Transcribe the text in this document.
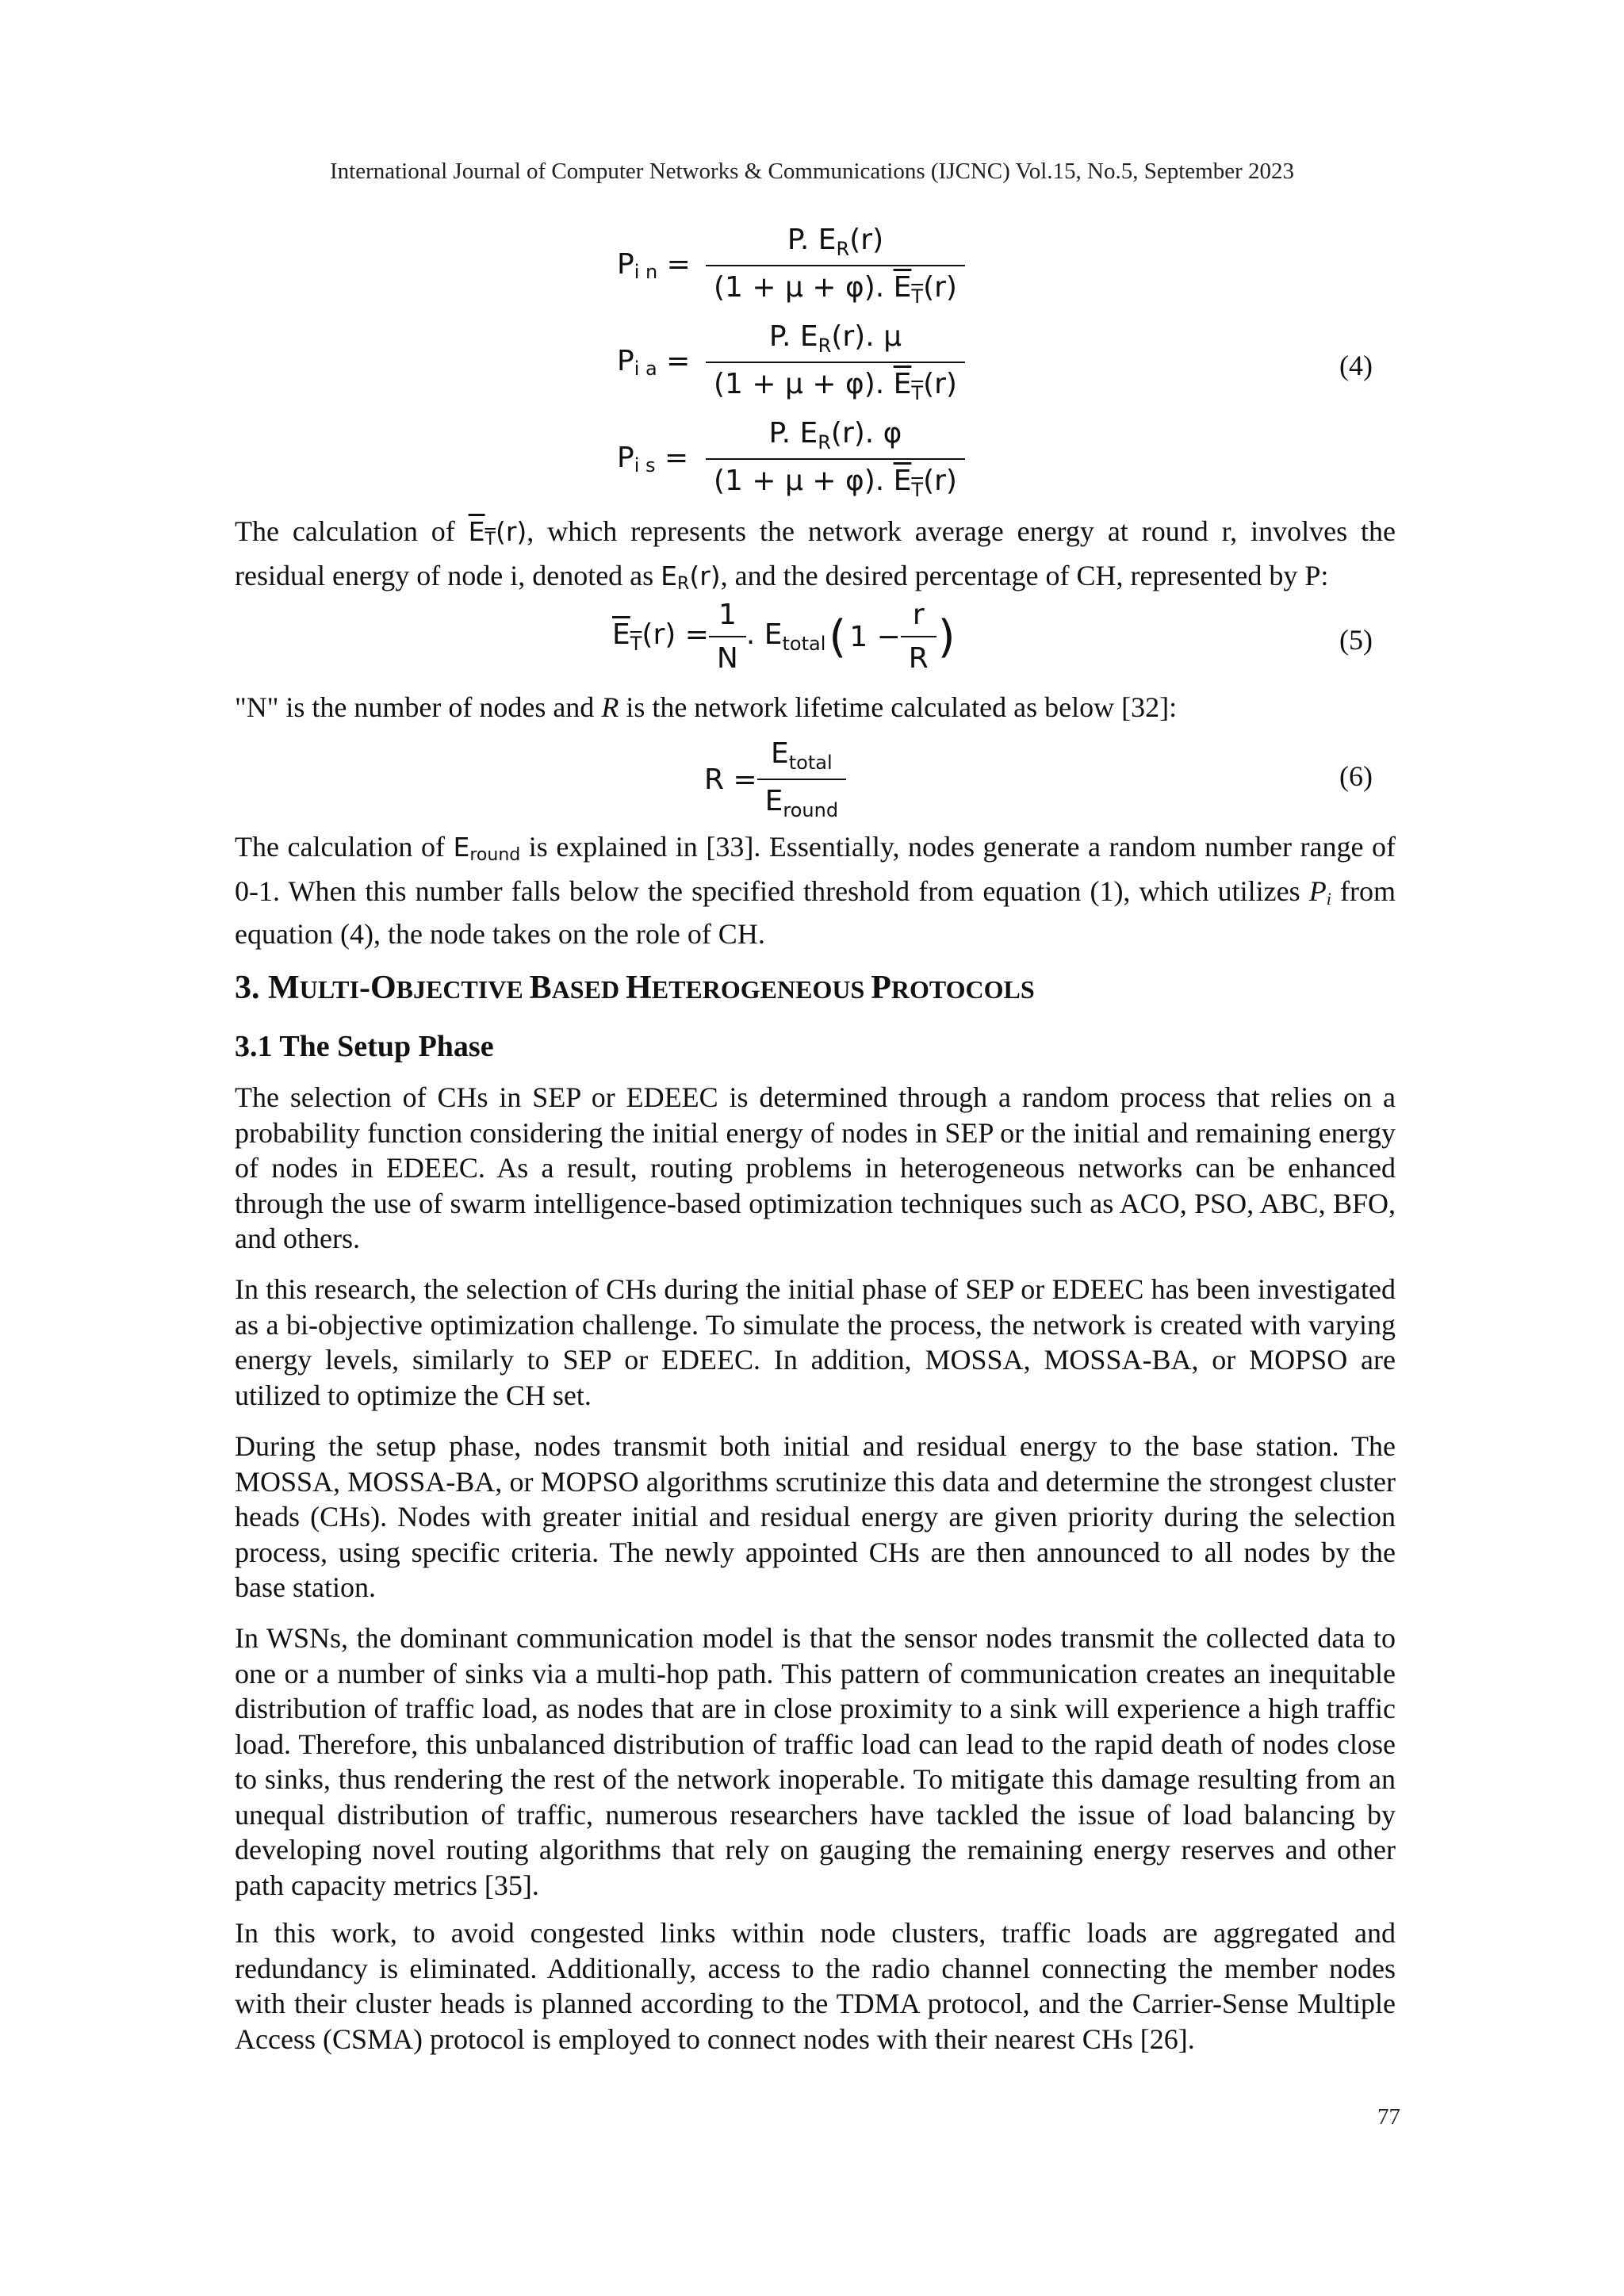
International Journal of Computer Networks & Communications (IJCNC) Vol.15, No.5, September 2023
$P_{i n} = \frac{P. E_R(r)}{(1 + \mu + \varphi). \overline{E}_{\overline{T}}(r)}$
$P_{i a} = \frac{P. E_R(r). \mu}{(1 + \mu + \varphi). \overline{E}_{\overline{T}}(r)}$
$P_{i s} = \frac{P. E_R(r). \varphi}{(1 + \mu + \varphi). \overline{E}_{\overline{T}}(r)}$
(4)
The calculation of $\overline{E}_{\overline{T}}(r)$, which represents the network average energy at round r, involves the residual energy of node i, denoted as $E_R(r)$, and the desired percentage of CH, represented by P:
$\overline{E}_{\overline{T}}(r) = \frac{1}{N}$ . $E_{total}$ ( $1 - \frac{r}{R}$ )	(5)
"N" is the number of nodes and R is the network lifetime calculated as below [32]:
$R = \frac{E_{total}}{E_{round}}$	(6)
The calculation of $E_{round}$ is explained in [33]. Essentially, nodes generate a random number range of 0-1. When this number falls below the specified threshold from equation (1), which utilizes $P_i$ from equation (4), the node takes on the role of CH.
3. MULTI-OBJECTIVE BASED HETEROGENEOUS PROTOCOLS
3.1 The Setup Phase
The selection of CHs in SEP or EDEEC is determined through a random process that relies on a probability function considering the initial energy of nodes in SEP or the initial and remaining energy of nodes in EDEEC. As a result, routing problems in heterogeneous networks can be enhanced through the use of swarm intelligence-based optimization techniques such as ACO, PSO, ABC, BFO, and others.
In this research, the selection of CHs during the initial phase of SEP or EDEEC has been investigated as a bi-objective optimization challenge. To simulate the process, the network is created with varying energy levels, similarly to SEP or EDEEC. In addition, MOSSA, MOSSA-BA, or MOPSO are utilized to optimize the CH set.
During the setup phase, nodes transmit both initial and residual energy to the base station. The MOSSA, MOSSA-BA, or MOPSO algorithms scrutinize this data and determine the strongest cluster heads (CHs). Nodes with greater initial and residual energy are given priority during the selection process, using specific criteria. The newly appointed CHs are then announced to all nodes by the base station.
In WSNs, the dominant communication model is that the sensor nodes transmit the collected data to one or a number of sinks via a multi-hop path. This pattern of communication creates an inequitable distribution of traffic load, as nodes that are in close proximity to a sink will experience a high traffic load. Therefore, this unbalanced distribution of traffic load can lead to the rapid death of nodes close to sinks, thus rendering the rest of the network inoperable. To mitigate this damage resulting from an unequal distribution of traffic, numerous researchers have tackled the issue of load balancing by developing novel routing algorithms that rely on gauging the remaining energy reserves and other path capacity metrics [35].
In this work, to avoid congested links within node clusters, traffic loads are aggregated and redundancy is eliminated. Additionally, access to the radio channel connecting the member nodes with their cluster heads is planned according to the TDMA protocol, and the Carrier-Sense Multiple Access (CSMA) protocol is employed to connect nodes with their nearest CHs [26].
77
